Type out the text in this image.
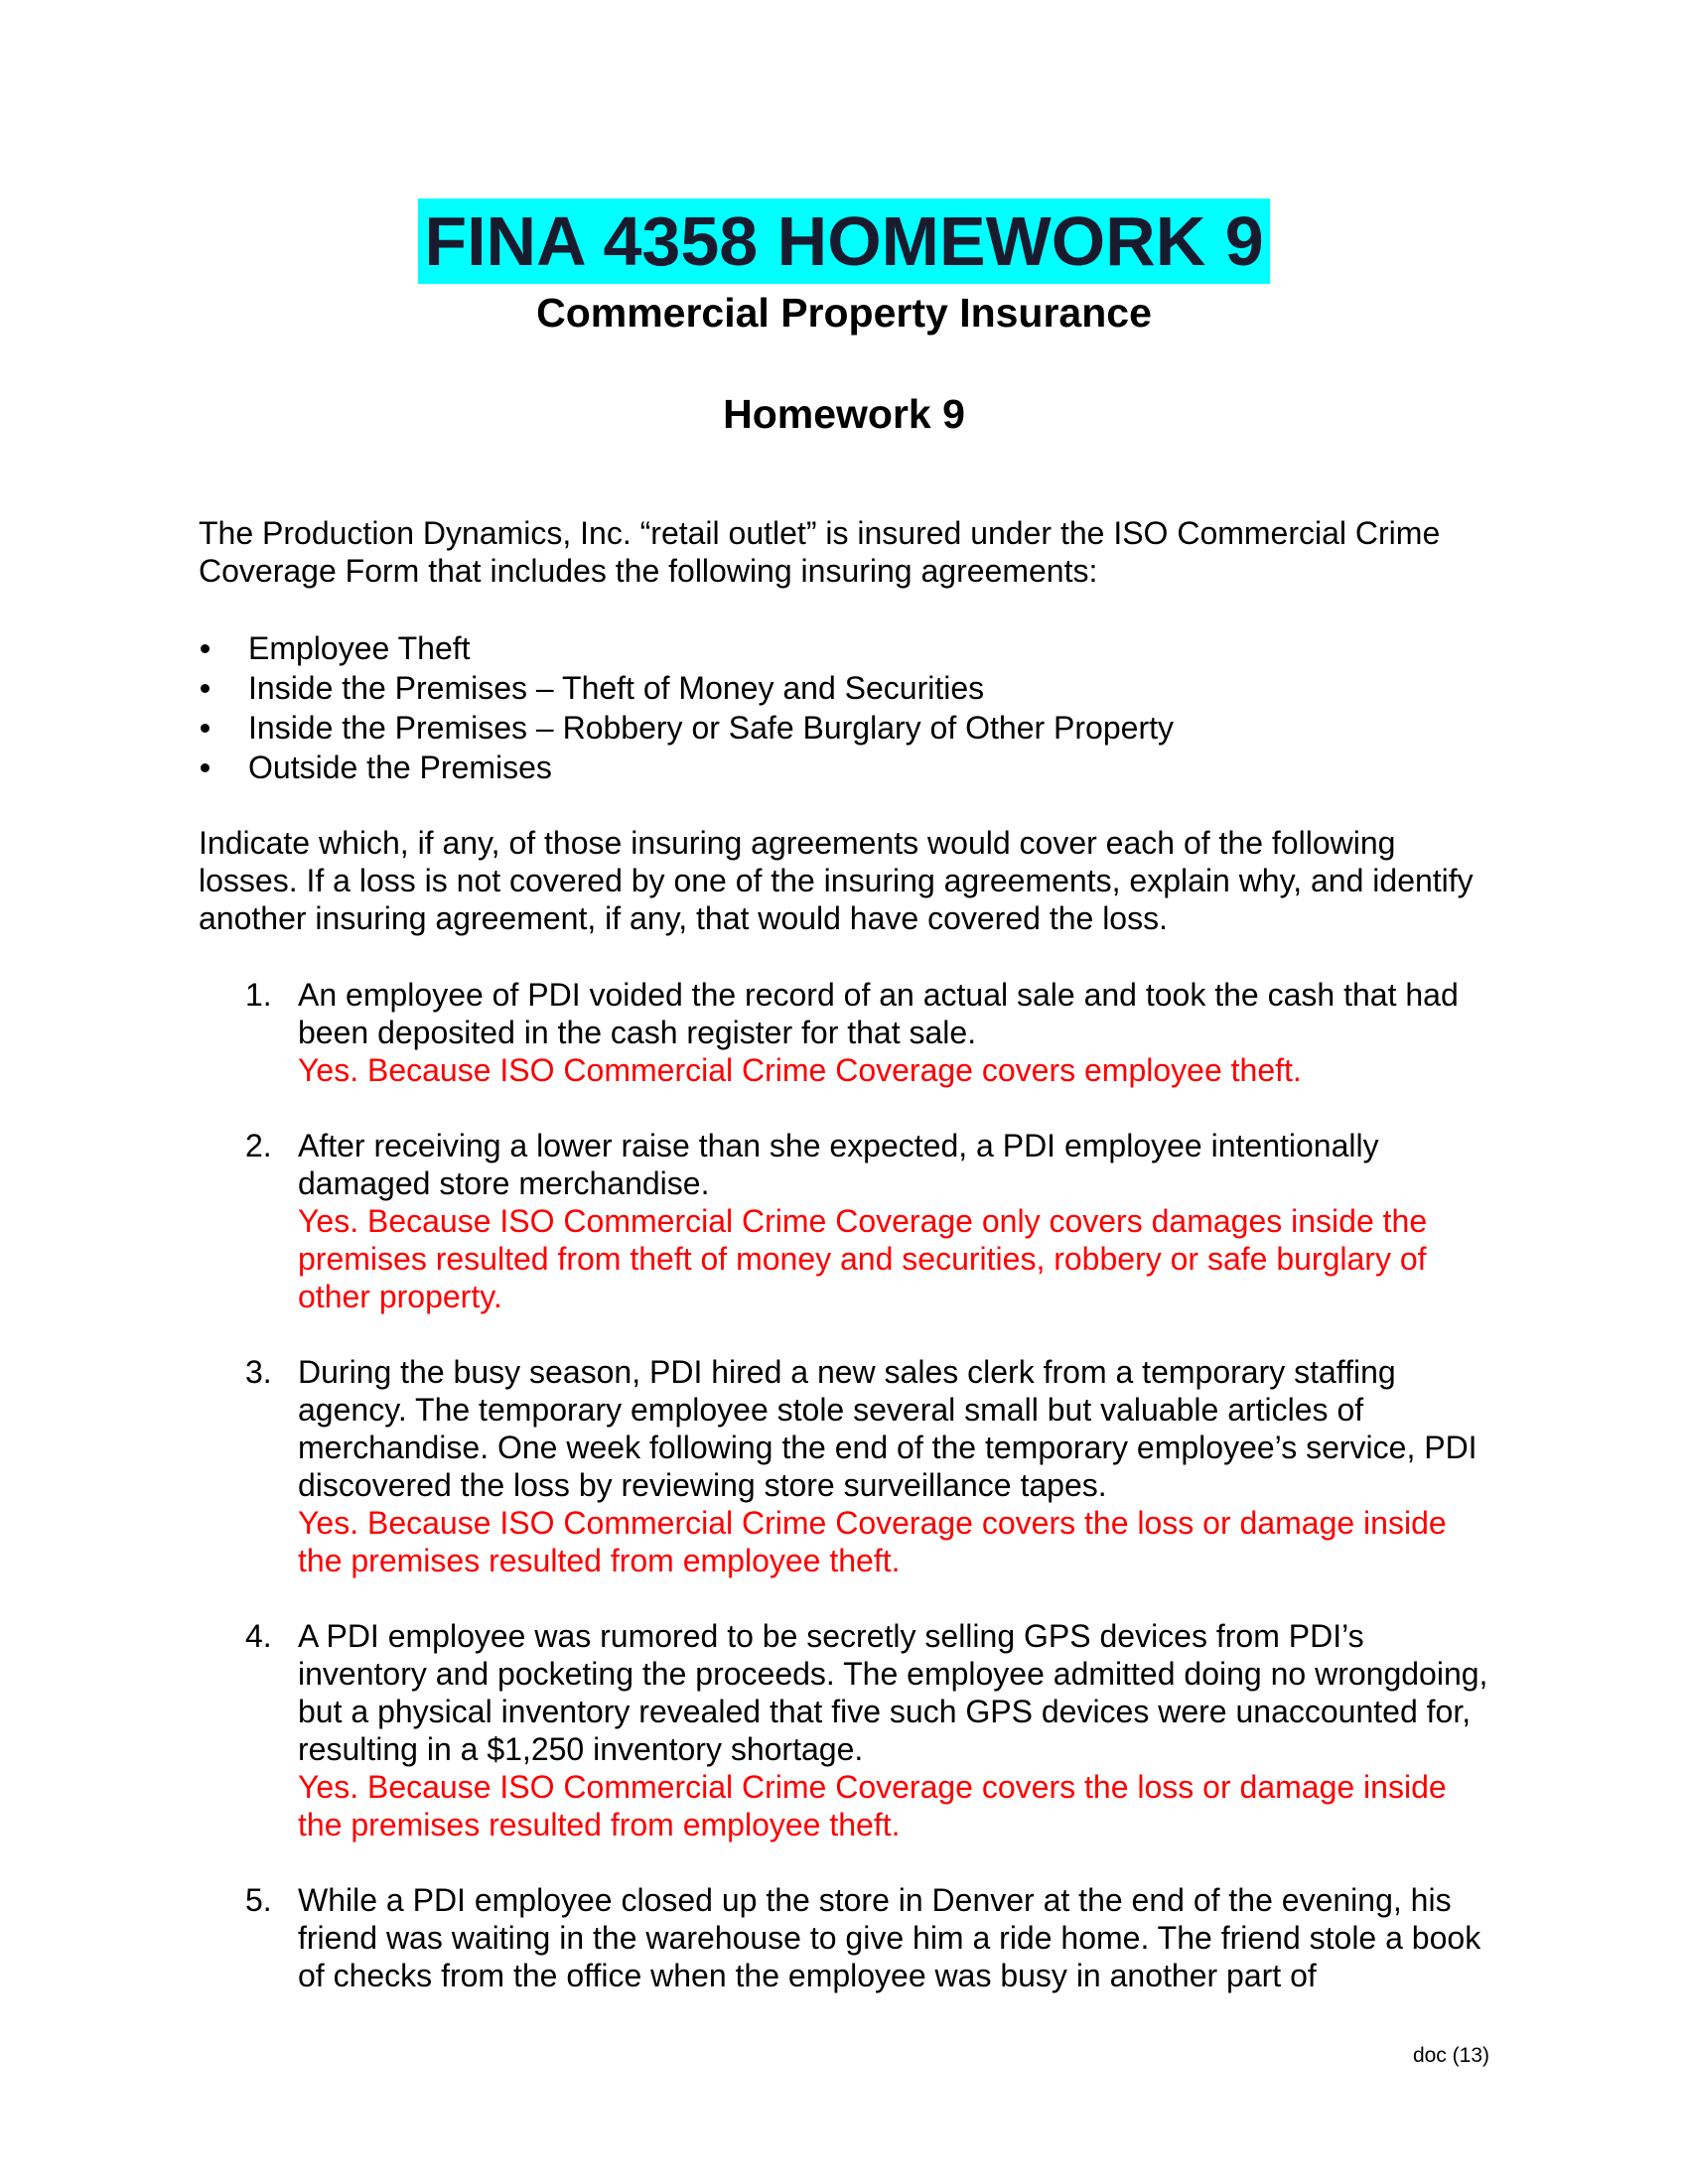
FINA 4358 HOMEWORK 9
Commercial Property Insurance
Homework 9
The Production Dynamics, Inc. “retail outlet” is insured under the ISO Commercial Crime Coverage Form that includes the following insuring agreements:
Employee Theft
Inside the Premises – Theft of Money and Securities
Inside the Premises – Robbery or Safe Burglary of Other Property
Outside the Premises
Indicate which, if any, of those insuring agreements would cover each of the following losses. If a loss is not covered by one of the insuring agreements, explain why, and identify another insuring agreement, if any, that would have covered the loss.
1. An employee of PDI voided the record of an actual sale and took the cash that had been deposited in the cash register for that sale.
Yes. Because ISO Commercial Crime Coverage covers employee theft.
2. After receiving a lower raise than she expected, a PDI employee intentionally damaged store merchandise.
Yes. Because ISO Commercial Crime Coverage only covers damages inside the premises resulted from theft of money and securities, robbery or safe burglary of other property.
3. During the busy season, PDI hired a new sales clerk from a temporary staffing agency. The temporary employee stole several small but valuable articles of merchandise. One week following the end of the temporary employee’s service, PDI discovered the loss by reviewing store surveillance tapes.
Yes. Because ISO Commercial Crime Coverage covers the loss or damage inside the premises resulted from employee theft.
4. A PDI employee was rumored to be secretly selling GPS devices from PDI’s inventory and pocketing the proceeds. The employee admitted doing no wrongdoing, but a physical inventory revealed that five such GPS devices were unaccounted for, resulting in a $1,250 inventory shortage.
Yes. Because ISO Commercial Crime Coverage covers the loss or damage inside the premises resulted from employee theft.
5. While a PDI employee closed up the store in Denver at the end of the evening, his friend was waiting in the warehouse to give him a ride home. The friend stole a book of checks from the office when the employee was busy in another part of
doc (13)
